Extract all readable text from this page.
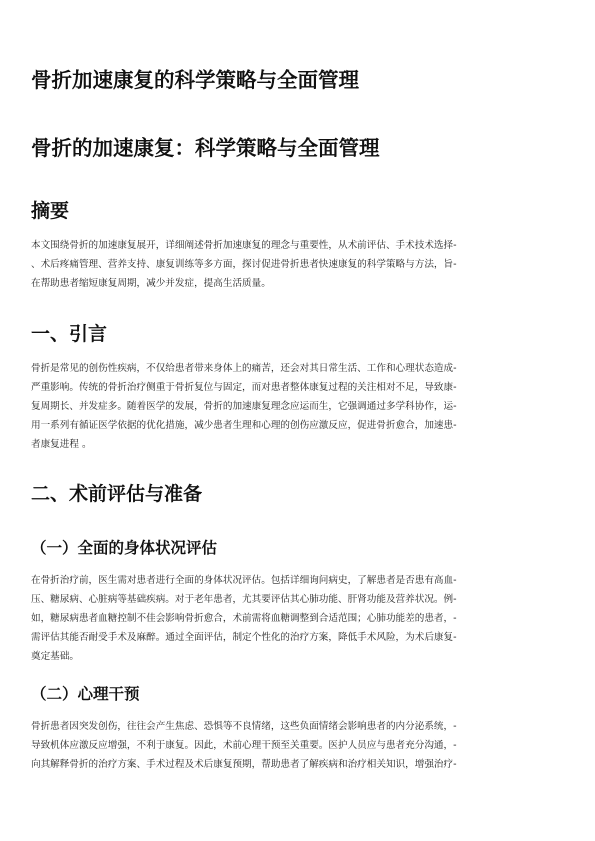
骨折加速康复的科学策略与全面管理
骨折的加速康复：科学策略与全面管理
摘要
本文围绕骨折的加速康复展开，详细阐述骨折加速康复的理念与重要性，从术前评估、手术技术选择-
、术后疼痛管理、营养支持、康复训练等多方面，探讨促进骨折患者快速康复的科学策略与方法，旨-
在帮助患者缩短康复周期，减少并发症，提高生活质量。
一、引言
骨折是常见的创伤性疾病，不仅给患者带来身体上的痛苦，还会对其日常生活、工作和心理状态造成-
严重影响。传统的骨折治疗侧重于骨折复位与固定，而对患者整体康复过程的关注相对不足，导致康-
复周期长、并发症多。随着医学的发展，骨折的加速康复理念应运而生，它强调通过多学科协作，运-
用一系列有循证医学依据的优化措施，减少患者生理和心理的创伤应激反应，促进骨折愈合，加速患-
者康复进程 。
二、术前评估与准备
（一）全面的身体状况评估
在骨折治疗前，医生需对患者进行全面的身体状况评估。包括详细询问病史，了解患者是否患有高血-
压、糖尿病、心脏病等基础疾病。对于老年患者，尤其要评估其心肺功能、肝肾功能及营养状况。例-
如，糖尿病患者血糖控制不佳会影响骨折愈合，术前需将血糖调整到合适范围；心肺功能差的患者，-
需评估其能否耐受手术及麻醉。通过全面评估，制定个性化的治疗方案，降低手术风险，为术后康复-
奠定基础。
（二）心理干预
骨折患者因突发创伤，往往会产生焦虑、恐惧等不良情绪，这些负面情绪会影响患者的内分泌系统，-
导致机体应激反应增强，不利于康复。因此，术前心理干预至关重要。医护人员应与患者充分沟通，-
向其解释骨折的治疗方案、手术过程及术后康复预期，帮助患者了解疾病和治疗相关知识，增强治疗-
